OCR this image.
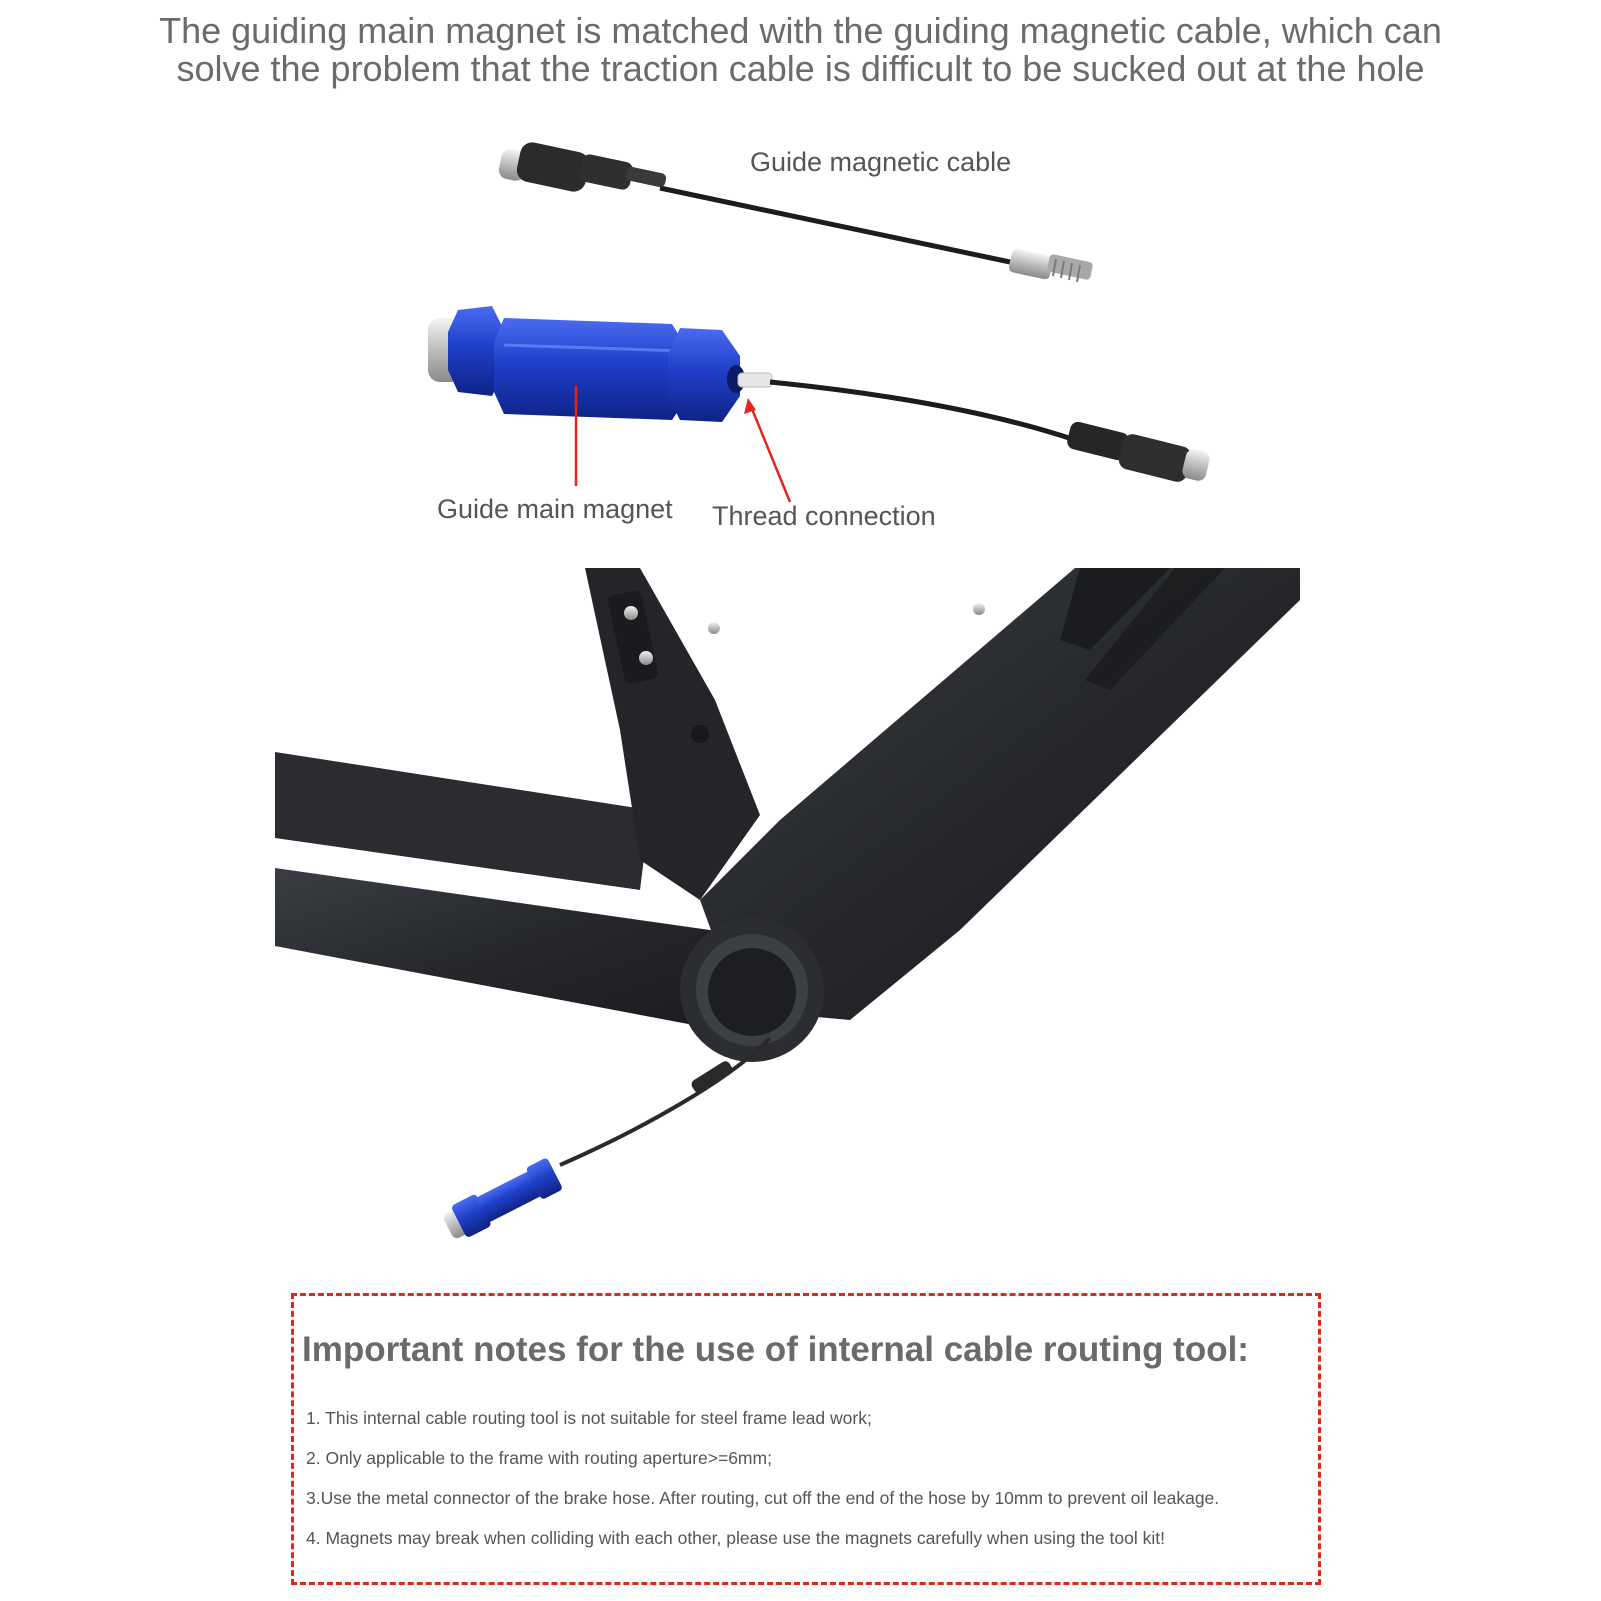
The guiding main magnet is matched with the guiding magnetic cable, which can
solve the problem that the traction cable is difficult to be sucked out at the hole
Guide magnetic cable
Guide main magnet Thread connection
Important notes for the use of internal cable routing tool:
1. This internal cable routing tool is not suitable for steel frame lead work;
2. Only applicable to the frame with routing aperture>=6mm;
3.Use the metal connector of the brake hose. After routing, cut off the end of the hose by 10mm to prevent oil leakage.
4. Magnets may break when colliding with each other, please use the magnets carefully when using the tool kit!
